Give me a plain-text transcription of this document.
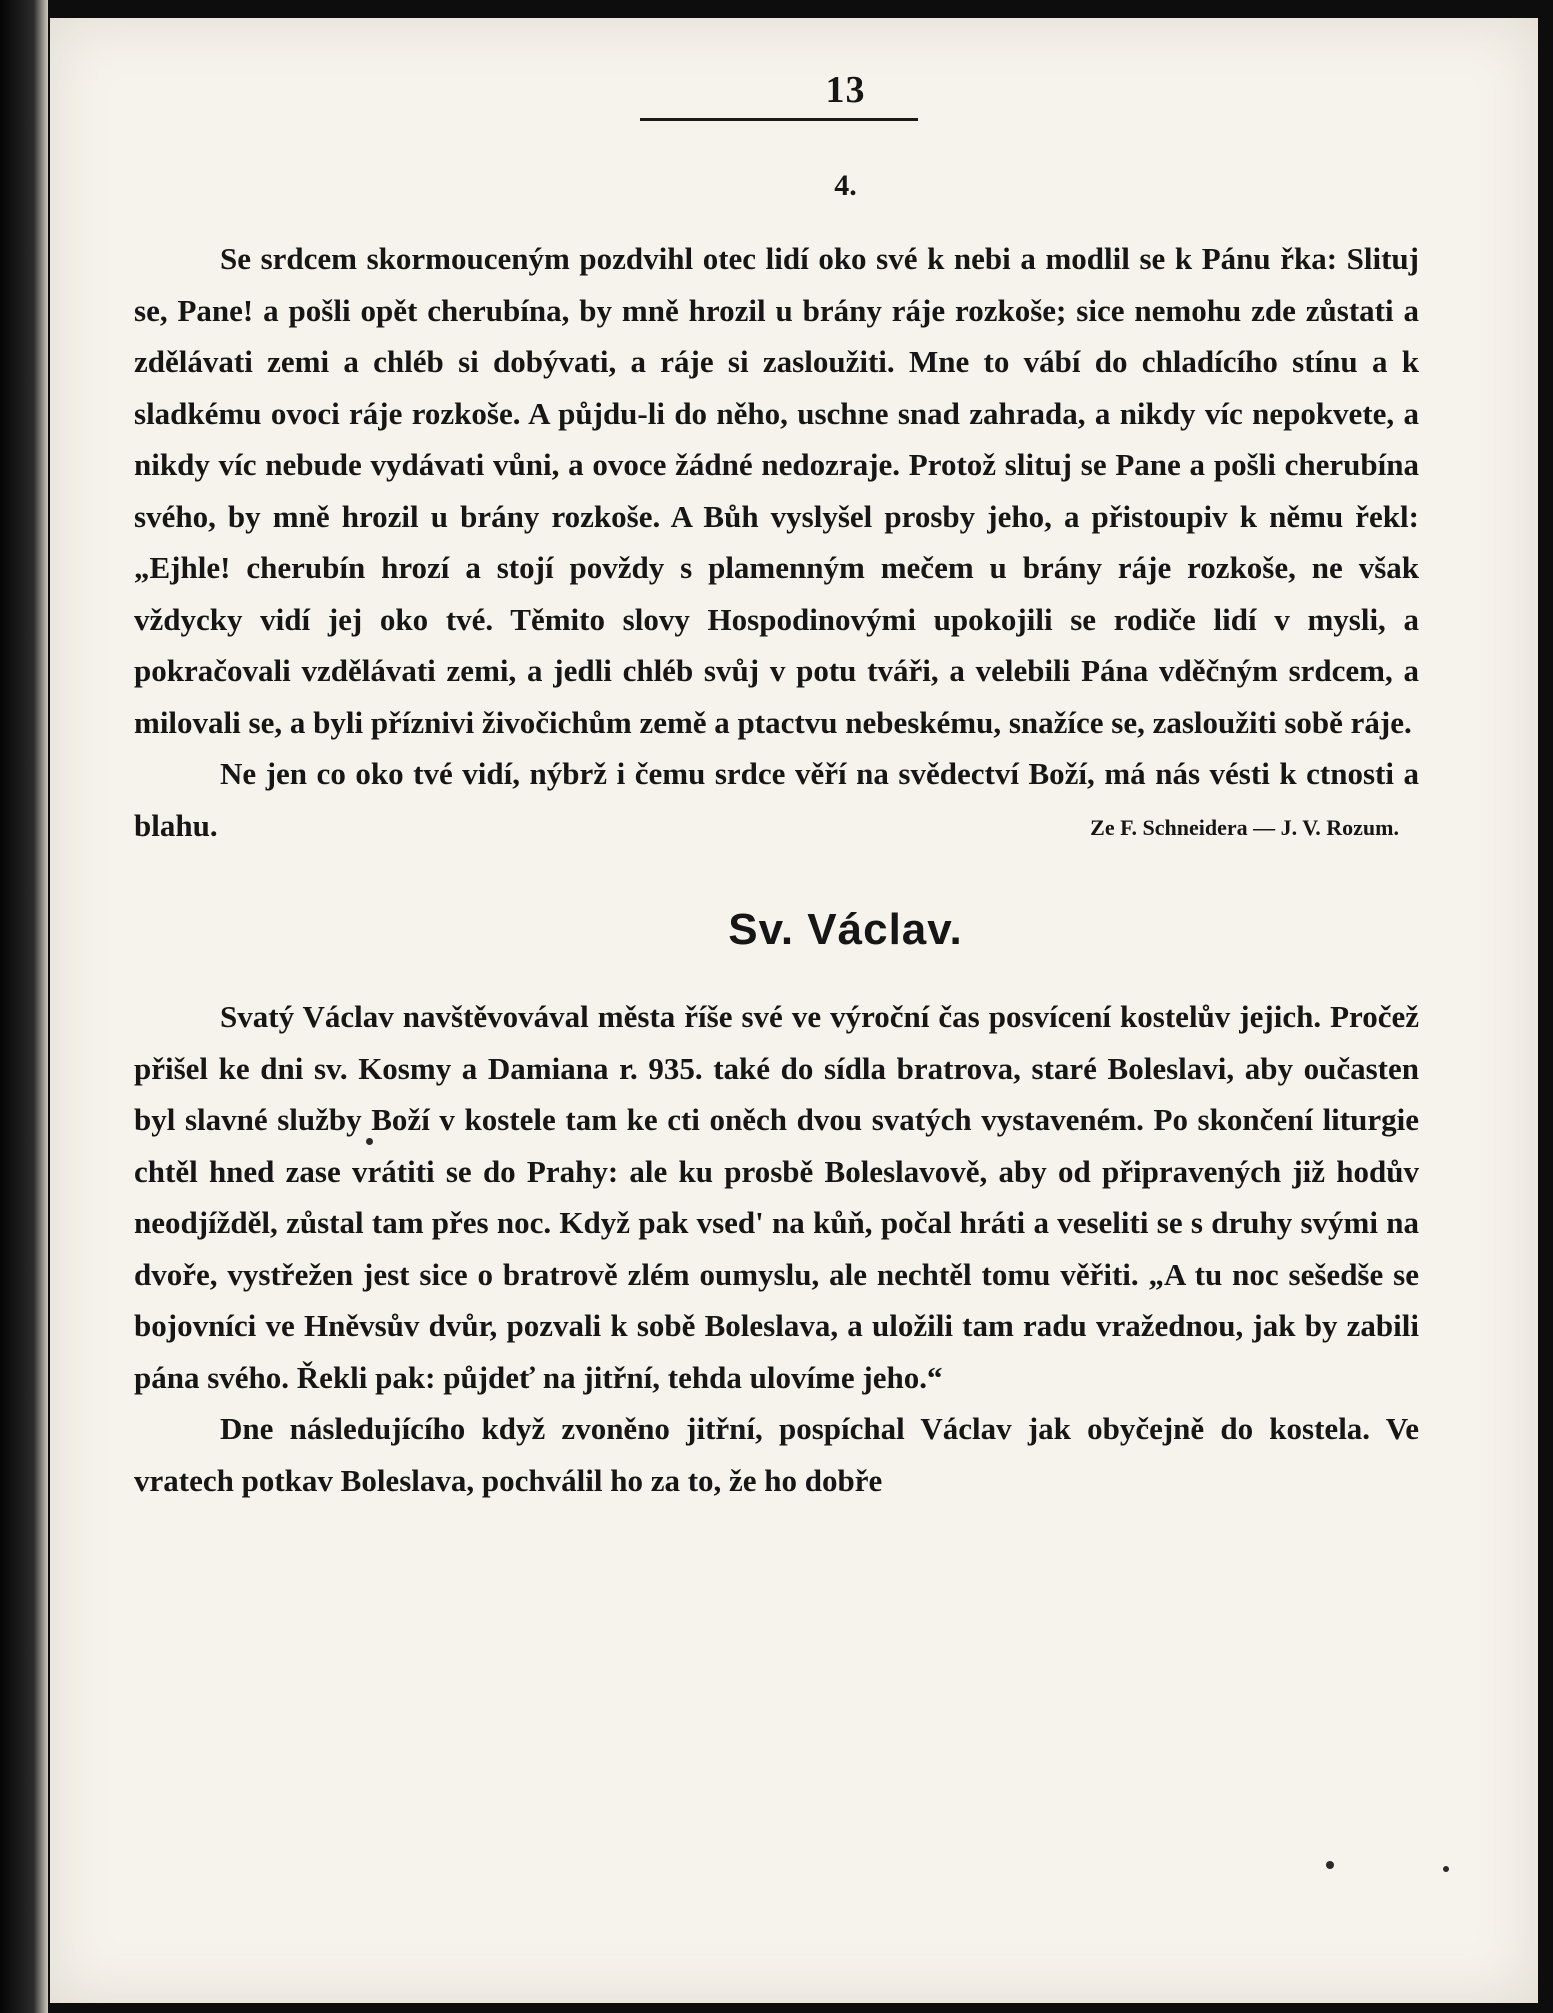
13
4.

Se srdcem skormouceným pozdvihl otec lidí oko své k nebi a modlil se k Pánu řka: Slituj se, Pane! a pošli opět cherubína, by mně hrozil u brány ráje rozkoše; sice nemohu zde zůstati a zdělávati zemi a chléb si dobývati, a ráje si zasloužiti. Mne to vábí do chladícího stínu a k sladkému ovoci ráje rozkoše. A půjdu-li do něho, uschne snad zahrada, a nikdy víc nepokvete, a nikdy víc nebude vydávati vůni, a ovoce žádné nedozraje. Protož slituj se Pane a pošli cherubína svého, by mně hrozil u brány rozkoše. A Bůh vyslyšel prosby jeho, a přistoupiv k němu řekl: „Ejhle! cherubín hrozí a stojí povždy s plamenným mečem u brány ráje rozkoše, ne však vždycky vidí jej oko tvé. Těmito slovy Hospodinovými upokojili se rodiče lidí v mysli, a pokračovali vzdělávati zemi, a jedli chléb svůj v potu tváři, a velebili Pána vděčným srdcem, a milovali se, a byli příznivi živočichům země a ptactvu nebeskému, snažíce se, zasloužiti sobě ráje.

Ne jen co oko tvé vidí, nýbrž i čemu srdce věří na svědectví Boží, má nás vésti k ctnosti a blahu.	Ze F. Schneidera — J. V. Rozum.
Sv. Václav.

Svatý Václav navštěvovával města říše své ve výroční čas posvícení kostelův jejich. Pročež přišel ke dni sv. Kosmy a Damiana r. 935. také do sídla bratrova, staré Boleslavi, aby oučasten byl slavné služby Boží v kostele tam ke cti oněch dvou svatých vystaveném. Po skončení liturgie chtěl hned zase vrátiti se do Prahy: ale ku prosbě Boleslavově, aby od připravených již hodův neodjížděl, zůstal tam přes noc. Když pak vsed' na kůň, počal hráti a veseliti se s druhy svými na dvoře, vystřežen jest sice o bratrově zlém oumyslu, ale nechtěl tomu věřiti. „A tu noc sešedše se bojovníci ve Hněvsův dvůr, pozvali k sobě Boleslava, a uložili tam radu vražednou, jak by zabili pána svého. Řekli pak: půjdeť na jitřní, tehda ulovíme jeho.“

Dne následujícího když zvoněno jitřní, pospíchal Václav jak obyčejně do kostela. Ve vratech potkav Boleslava, pochválil ho za to, že ho dobře
